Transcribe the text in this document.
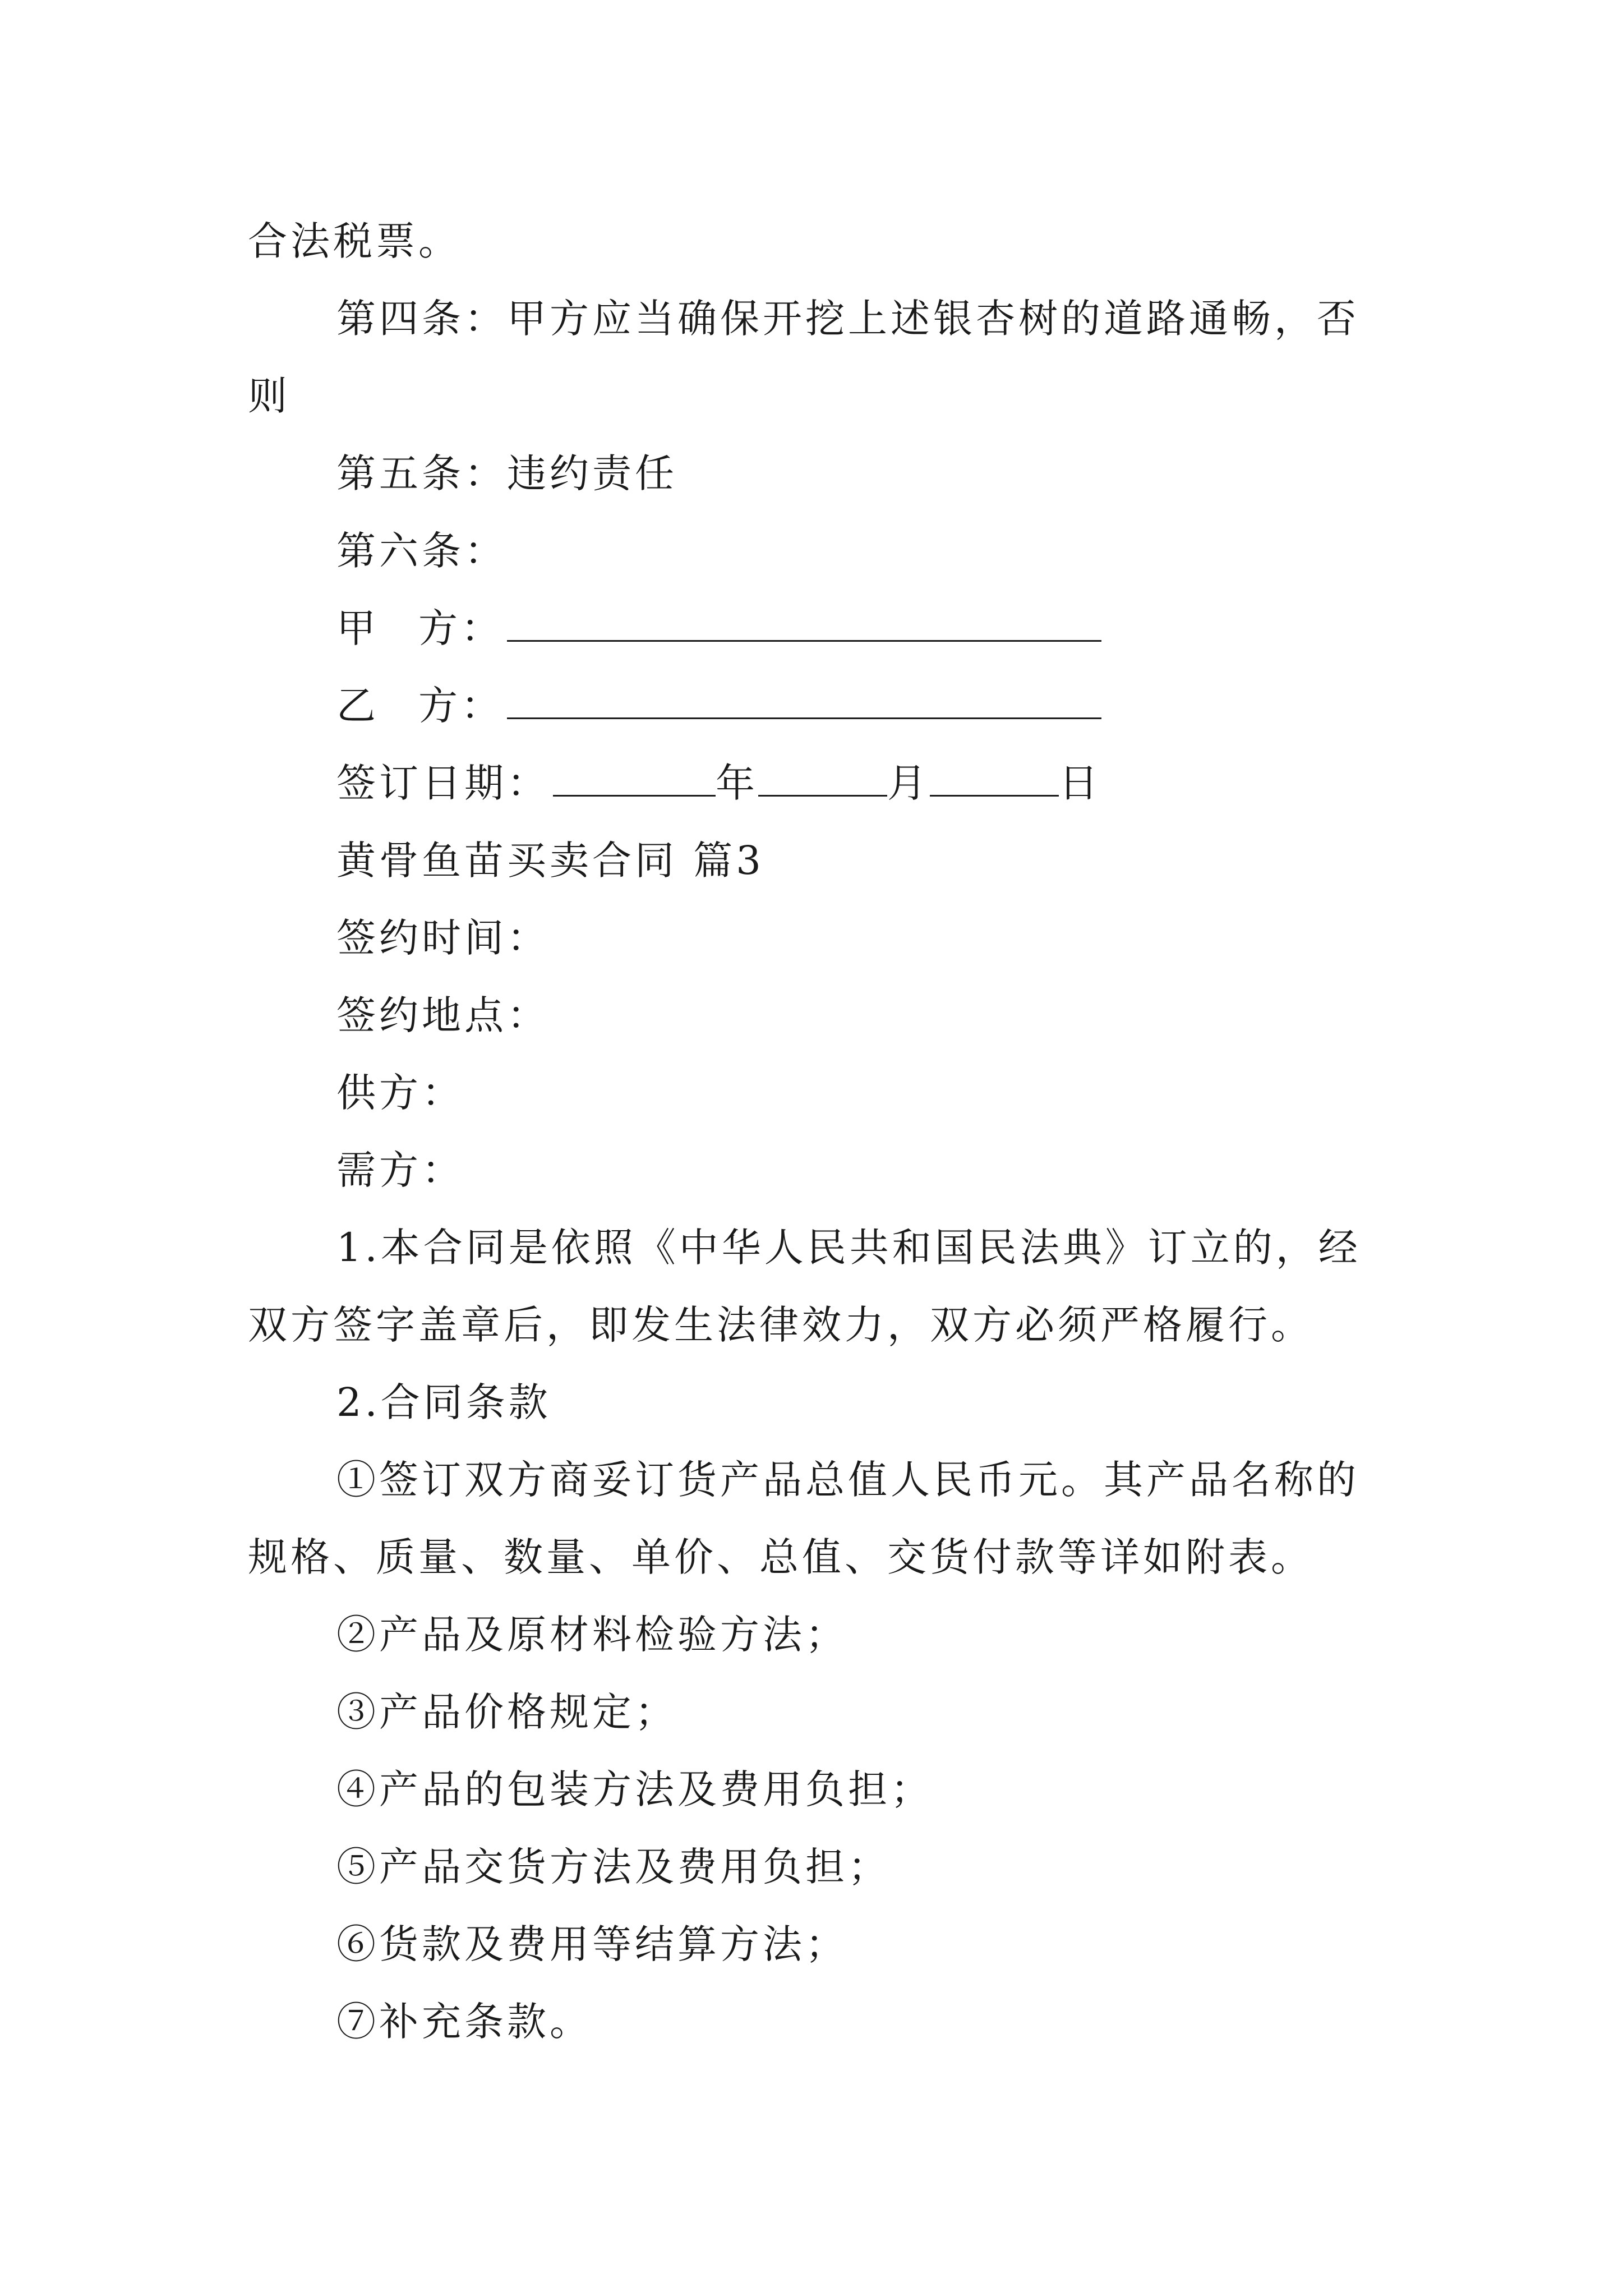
合法税票。
第四条：甲方应当确保开挖上述银杏树的道路通畅，否
则
第五条：违约责任
第六条：
甲 方：
乙 方：
签订日期：	年	月	日
黄骨鱼苗买卖合同 篇3
签约时间：
签约地点：
供方：
需方：
1.本合同是依照《中华人民共和国民法典》订立的，经
双方签字盖章后，即发生法律效力，双方必须严格履行。
2.合同条款
①签订双方商妥订货产品总值人民币元。其产品名称的
规格、质量、数量、单价、总值、交货付款等详如附表。
②产品及原材料检验方法；
③产品价格规定；
④产品的包装方法及费用负担；
⑤产品交货方法及费用负担；
⑥货款及费用等结算方法；
⑦补充条款。
